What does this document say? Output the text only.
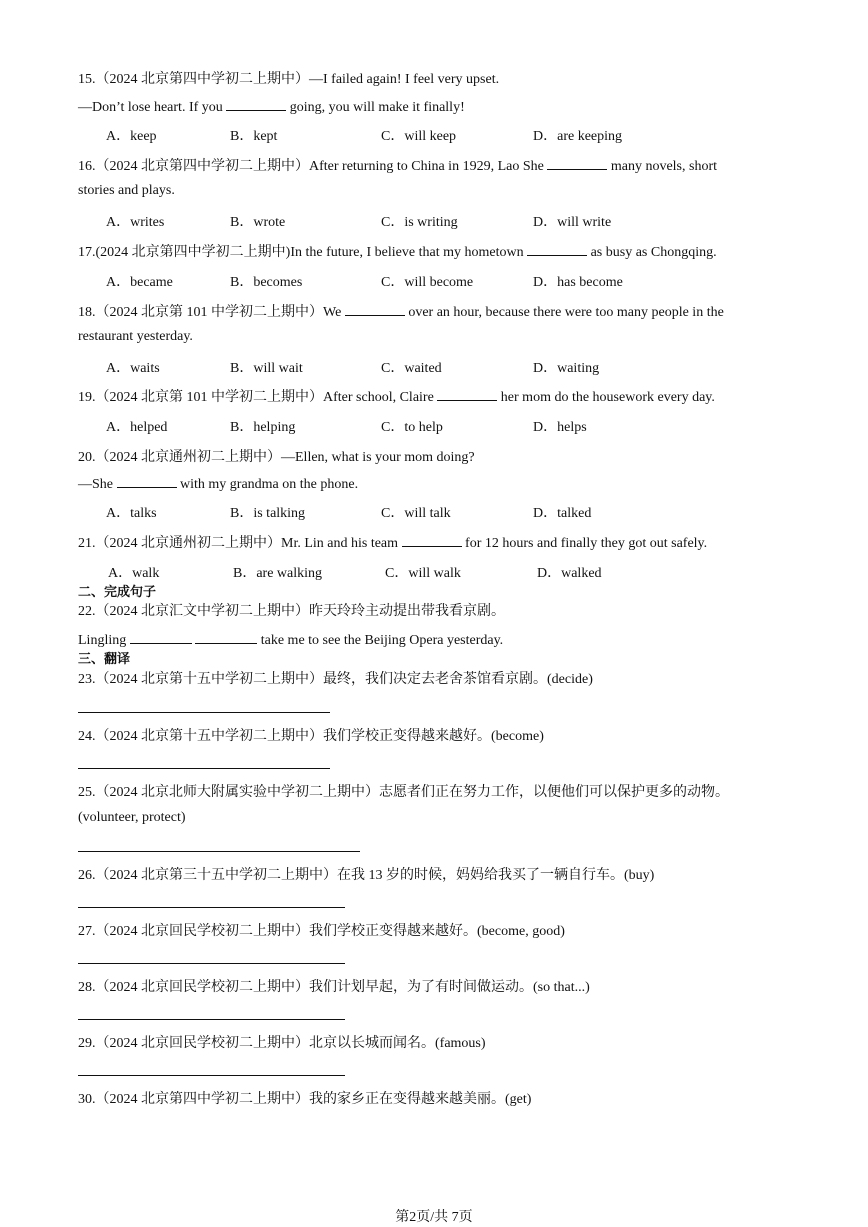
15.（2024 北京第四中学初二上期中）—I failed again! I feel very upset.
—Don’t lose heart. If you	going, you will make it finally!
A．keep	B．kept	C．will keep	D．are keeping
16.（2024 北京第四中学初二上期中）After returning to China in 1929, Lao She	many novels, short
stories and plays.
A．writes	B．wrote	C．is writing	D．will write
17.(2024 北京第四中学初二上期中)In the future, I believe that my hometown	as busy as Chongqing.
A．became	B．becomes	C．will become	D．has become
18.（2024 北京第 101 中学初二上期中）We	over an hour, because there were too many people in the
restaurant yesterday.
A．waits	B．will wait	C．waited	D．waiting
19.（2024 北京第 101 中学初二上期中）After school, Claire	her mom do the housework every day.
A．helped	B．helping	C．to help	D．helps
20.（2024 北京通州初二上期中）—Ellen, what is your mom doing?
—She	with my grandma on the phone.
A．talks	B．is talking	C．will talk	D．talked
21.（2024 北京通州初二上期中）Mr. Lin and his team	for 12 hours and finally they got out safely.
A．walk	B．are walking	C．will walk	D．walked
二、完成句子
22.（2024 北京汇文中学初二上期中）昨天玲玲主动提出带我看京剧。
Lingling	take me to see the Beijing Opera yesterday.
三、翻译
23.（2024 北京第十五中学初二上期中）最终，我们决定去老舍茶馆看京剧。(decide)
24.（2024 北京第十五中学初二上期中）我们学校正变得越来越好。(become)
25.（2024 北京北师大附属实验中学初二上期中）志愿者们正在努力工作，以便他们可以保护更多的动物。
(volunteer, protect)
26.（2024 北京第三十五中学初二上期中）在我 13 岁的时候，妈妈给我买了一辆自行车。(buy)
27.（2024 北京回民学校初二上期中）我们学校正变得越来越好。(become, good)
28.（2024 北京回民学校初二上期中）我们计划早起，为了有时间做运动。(so that...)
29.（2024 北京回民学校初二上期中）北京以长城而闻名。(famous)
30.（2024 北京第四中学初二上期中）我的家乡正在变得越来越美丽。(get)
第2页/共 7页
